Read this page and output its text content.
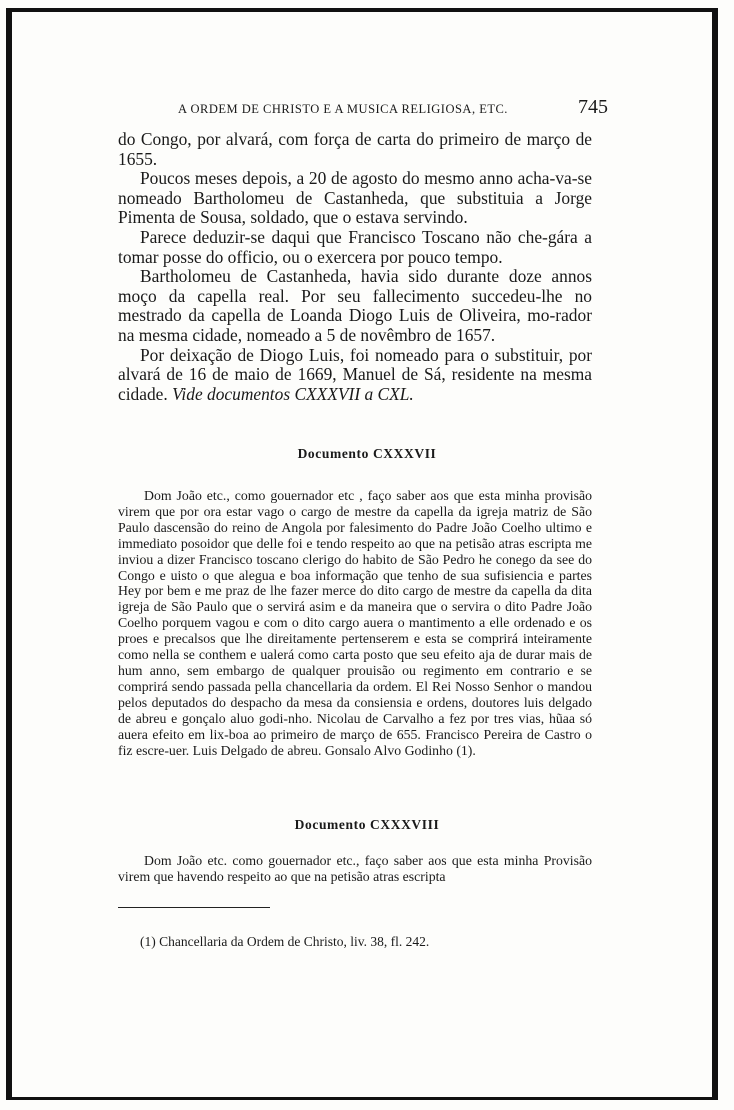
A ORDEM DE CHRISTO E A MUSICA RELIGIOSA, ETC.	745

do Congo, por alvará, com força de carta do primeiro de março de 1655.

Poucos meses depois, a 20 de agosto do mesmo anno acha-va-se nomeado Bartholomeu de Castanheda, que substituia a Jorge Pimenta de Sousa, soldado, que o estava servindo.

Parece deduzir-se daqui que Francisco Toscano não che-gára a tomar posse do officio, ou o exercera por pouco tempo.

Bartholomeu de Castanheda, havia sido durante doze annos moço da capella real. Por seu fallecimento succedeu-lhe no mestrado da capella de Loanda Diogo Luis de Oliveira, mo-rador na mesma cidade, nomeado a 5 de novêmbro de 1657.

Por deixação de Diogo Luis, foi nomeado para o substituir, por alvará de 16 de maio de 1669, Manuel de Sá, residente na mesma cidade. Vide documentos CXXXVII a CXL.

Documento CXXXVII

Dom João etc., como gouernador etc , faço saber aos que esta minha provisão virem que por ora estar vago o cargo de mestre da capella da igreja matriz de São Paulo dascensão do reino de Angola por falesimento do Padre João Coelho ultimo e immediato posoidor que delle foi e tendo respeito ao que na petisão atras escripta me inviou a dizer Francisco toscano clerigo do habito de São Pedro he conego da see do Congo e uisto o que alegua e boa informação que tenho de sua sufisiencia e partes Hey por bem e me praz de lhe fazer merce do dito cargo de mestre da capella da dita igreja de São Paulo que o servirá asim e da maneira que o servira o dito Padre João Coelho porquem vagou e com o dito cargo auera o mantimento a elle ordenado e os proes e precalsos que lhe direitamente pertenserem e esta se comprirá inteiramente como nella se conthem e ualerá como carta posto que seu efeito aja de durar mais de hum anno, sem embargo de qualquer prouisão ou regimento em contrario e se comprirá sendo passada pella chancellaria da ordem. El Rei Nosso Senhor o mandou pelos deputados do despacho da mesa da consiensia e ordens, doutores luis delgado de abreu e gonçalo aluo godi-nho. Nicolau de Carvalho a fez por tres vias, hũaa só auera efeito em lix-boa ao primeiro de março de 655. Francisco Pereira de Castro o fiz escre-uer. Luis Delgado de abreu. Gonsalo Alvo Godinho (1).

Documento CXXXVIII

Dom João etc. como gouernador etc., faço saber aos que esta minha Provisão virem que havendo respeito ao que na petisão atras escripta

(1) Chancellaria da Ordem de Christo, liv. 38, fl. 242.
